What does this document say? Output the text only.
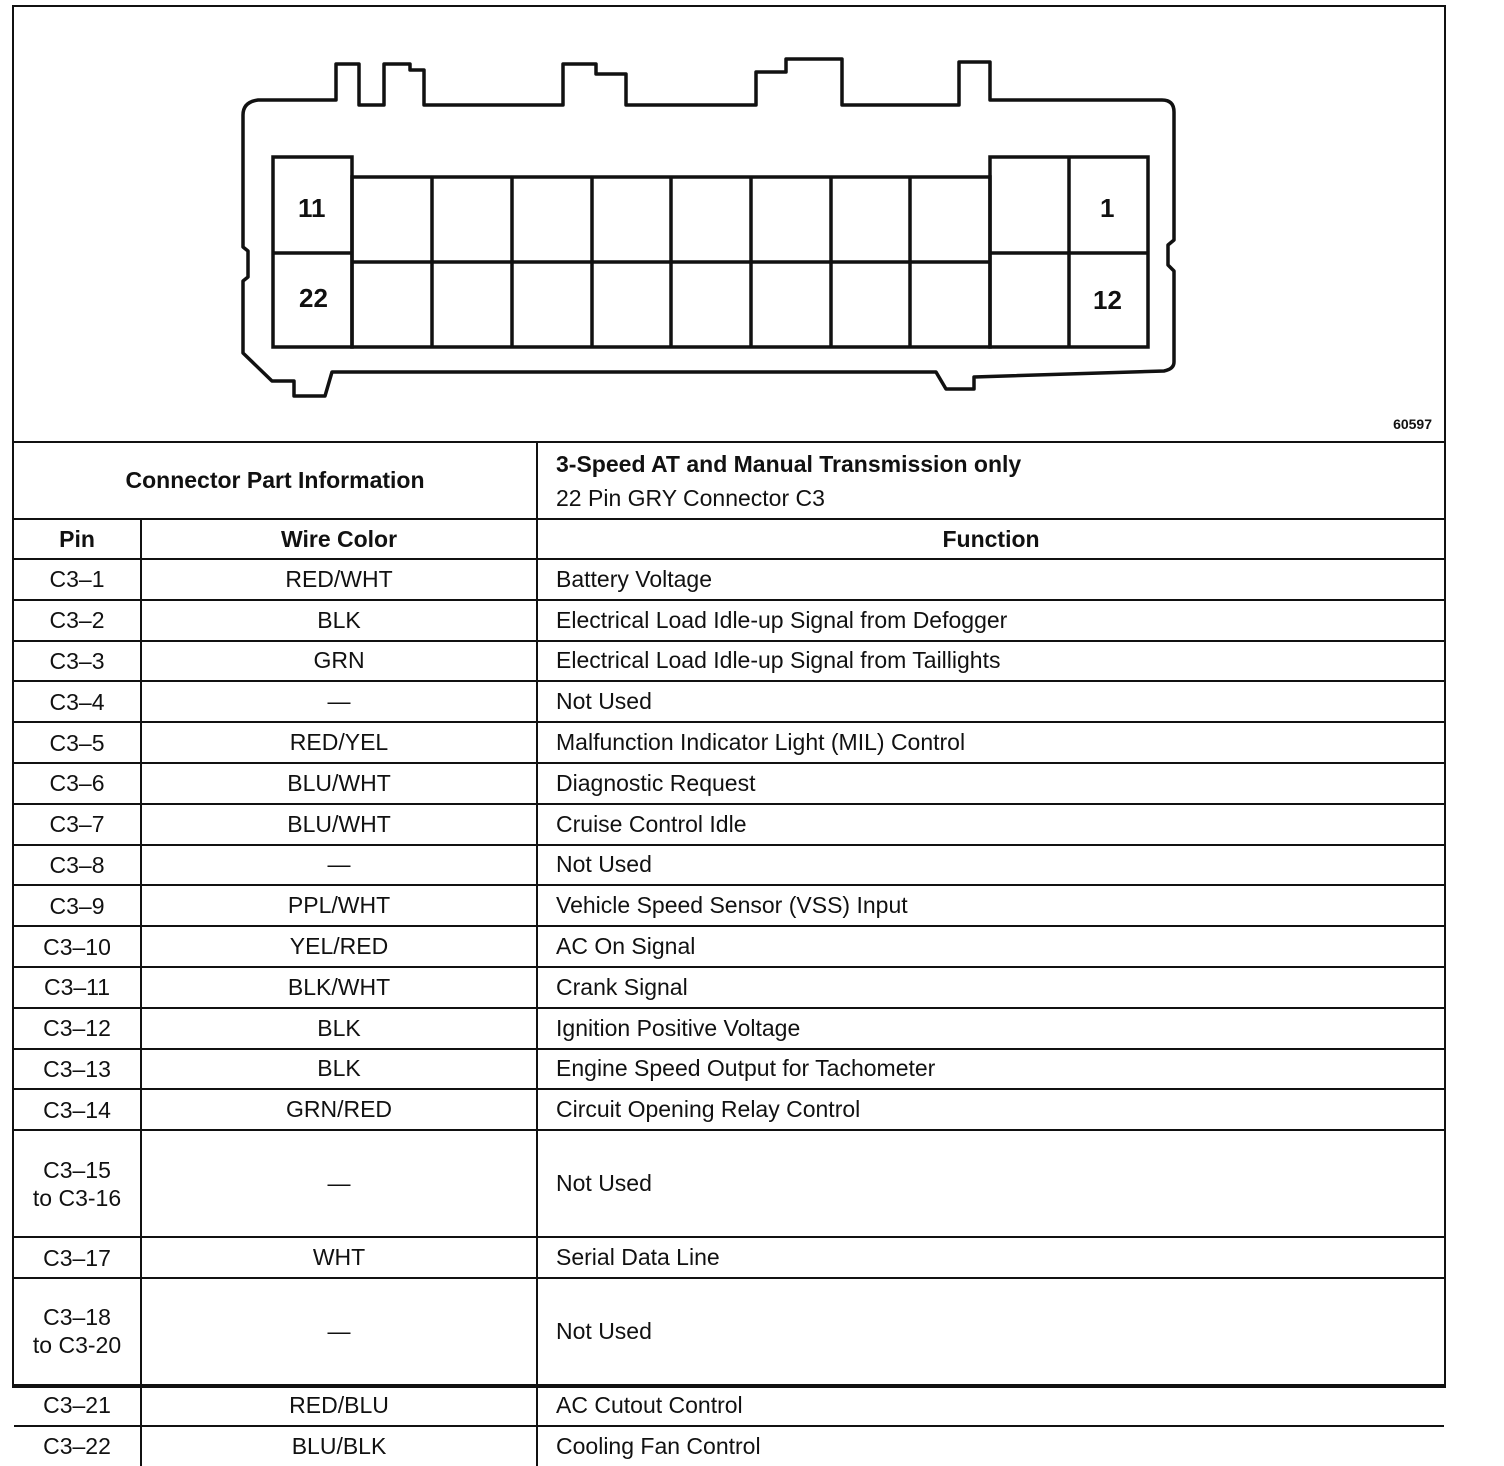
11	1
22	12
60597
Connector Part Information		3-Speed AT and Manual Transmission only
22 Pin GRY Connector C3

Pin	Wire Color	Function
C3–1	RED/WHT	Battery Voltage
C3–2	BLK	Electrical Load Idle-up Signal from Defogger
C3–3	GRN	Electrical Load Idle-up Signal from Taillights
C3–4	—	Not Used
C3–5	RED/YEL	Malfunction Indicator Light (MIL) Control
C3–6	BLU/WHT	Diagnostic Request
C3–7	BLU/WHT	Cruise Control Idle
C3–8	—	Not Used
C3–9	PPL/WHT	Vehicle Speed Sensor (VSS) Input
C3–10	YEL/RED	AC On Signal
C3–11	BLK/WHT	Crank Signal
C3–12	BLK	Ignition Positive Voltage
C3–13	BLK	Engine Speed Output for Tachometer
C3–14	GRN/RED	Circuit Opening Relay Control
C3–15
to C3-16	—	Not Used
C3–17	WHT	Serial Data Line
C3–18
to C3-20	—	Not Used
C3–21	RED/BLU	AC Cutout Control
C3–22	BLU/BLK	Cooling Fan Control
